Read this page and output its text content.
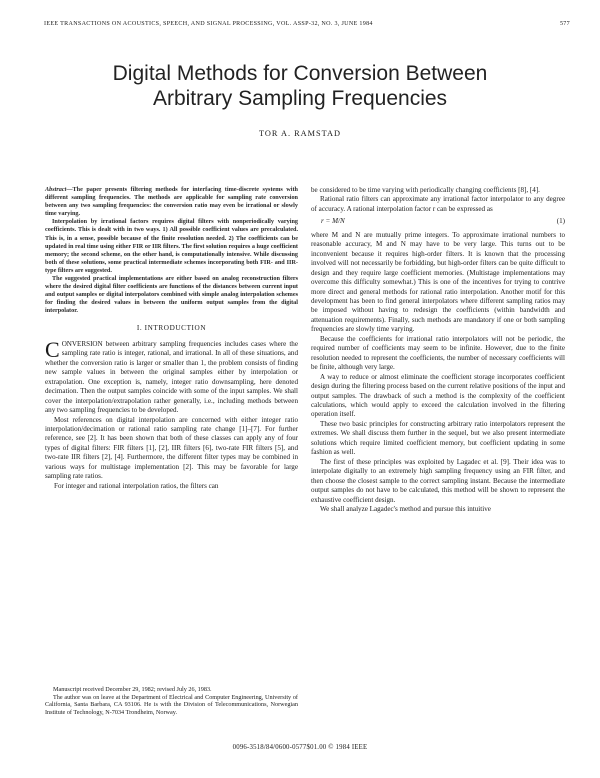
IEEE TRANSACTIONS ON ACOUSTICS, SPEECH, AND SIGNAL PROCESSING, VOL. ASSP-32, NO. 3, JUNE 1984	577
Digital Methods for Conversion Between
Arbitrary Sampling Frequencies
TOR A. RAMSTAD

Abstract—The paper presents filtering methods for interfacing time-discrete systems with different sampling frequencies. The methods are applicable for sampling rate conversion between any two sampling frequencies: the conversion ratio may even be irrational or slowly time varying.

Interpolation by irrational factors requires digital filters with nonperiodically varying coefficients. This is dealt with in two ways. 1) All possible coefficient values are precalculated. This is, in a sense, possible because of the finite resolution needed. 2) The coefficients can be updated in real time using either FIR or IIR filters. The first solution requires a huge coefficient memory; the second scheme, on the other hand, is computationally intensive. While discussing both of these solutions, some practical intermediate schemes incorporating both FIR- and IIR-type filters are suggested.

The suggested practical implementations are either based on analog reconstruction filters where the desired digital filter coefficients are functions of the distances between current input and output samples or digital interpolators combined with simple analog interpolation schemes for finding the desired values in between the uniform output samples from the digital interpolator.

I. INTRODUCTION

CONVERSION between arbitrary sampling frequencies includes cases where the sampling rate ratio is integer, rational, and irrational. In all of these situations, and whether the conversion ratio is larger or smaller than 1, the problem consists of finding new sample values in between the original samples either by interpolation or extrapolation. One exception is, namely, integer ratio downsampling, here denoted decimation. Then the output samples coincide with some of the input samples. We shall cover the interpolation/extrapolation rather generally, i.e., including methods between any two sampling frequencies to be developed.

Most references on digital interpolation are concerned with either integer ratio interpolation/decimation or rational ratio sampling rate change [1]–[7]. For further reference, see [2]. It has been shown that both of these classes can apply any of four types of digital filters: FIR filters [1], [2], IIR filters [6], two-rate FIR filters [5], and two-rate IIR filters [2], [4]. Furthermore, the different filter types may be combined in various ways for multistage implementation [2]. This may be favorable for large sampling rate ratios.

For integer and rational interpolation ratios, the filters can

Manuscript received December 29, 1982; revised July 26, 1983.

The author was on leave at the Department of Electrical and Computer Engineering, University of California, Santa Barbara, CA 93106. He is with the Division of Telecommunications, Norwegian Institute of Technology, N-7034 Trondheim, Norway.

be considered to be time varying with periodically changing coefficients [8], [4].

Rational ratio filters can approximate any irrational factor interpolator to any degree of accuracy. A rational interpolation factor r can be expressed as

r = M/N	(1)

where M and N are mutually prime integers. To approximate irrational numbers to reasonable accuracy, M and N may have to be very large. This turns out to be inconvenient because it requires high-order filters. It is known that the processing involved will not necessarily be forbidding, but high-order filters can be quite difficult to design and they require large coefficient memories. (Multistage implementations may overcome this difficulty somewhat.) This is one of the incentives for trying to contrive more direct and general methods for rational ratio interpolation. Another motif for this development has been to find general interpolators where different sampling ratios may be imposed without having to redesign the coefficients (within bandwidth and attenuation requirements). Finally, such methods are mandatory if one or both sampling frequencies are slowly time varying.

Because the coefficients for irrational ratio interpolators will not be periodic, the required number of coefficients may seem to be infinite. However, due to the finite resolution needed to represent the coefficients, the number of necessary coefficients will be finite, although very large.

A way to reduce or almost eliminate the coefficient storage incorporates coefficient design during the filtering process based on the current relative positions of the input and output samples. The drawback of such a method is the complexity of the coefficient calculations, which would apply to exceed the calculation involved in the filtering operation itself.

These two basic principles for constructing arbitrary ratio interpolators represent the extremes. We shall discuss them further in the sequel, but we also present intermediate solutions which require limited coefficient memory, but coefficient updating in some fashion as well.

The first of these principles was exploited by Lagadec et al. [9]. Their idea was to interpolate digitally to an extremely high sampling frequency using an FIR filter, and then choose the closest sample to the correct sampling instant. Because the intermediate output samples do not have to be calculated, this method will be shown to represent the exhaustive coefficient design.

We shall analyze Lagadec's method and pursue this intuitive

0096-3518/84/0600-0577$01.00 © 1984 IEEE
